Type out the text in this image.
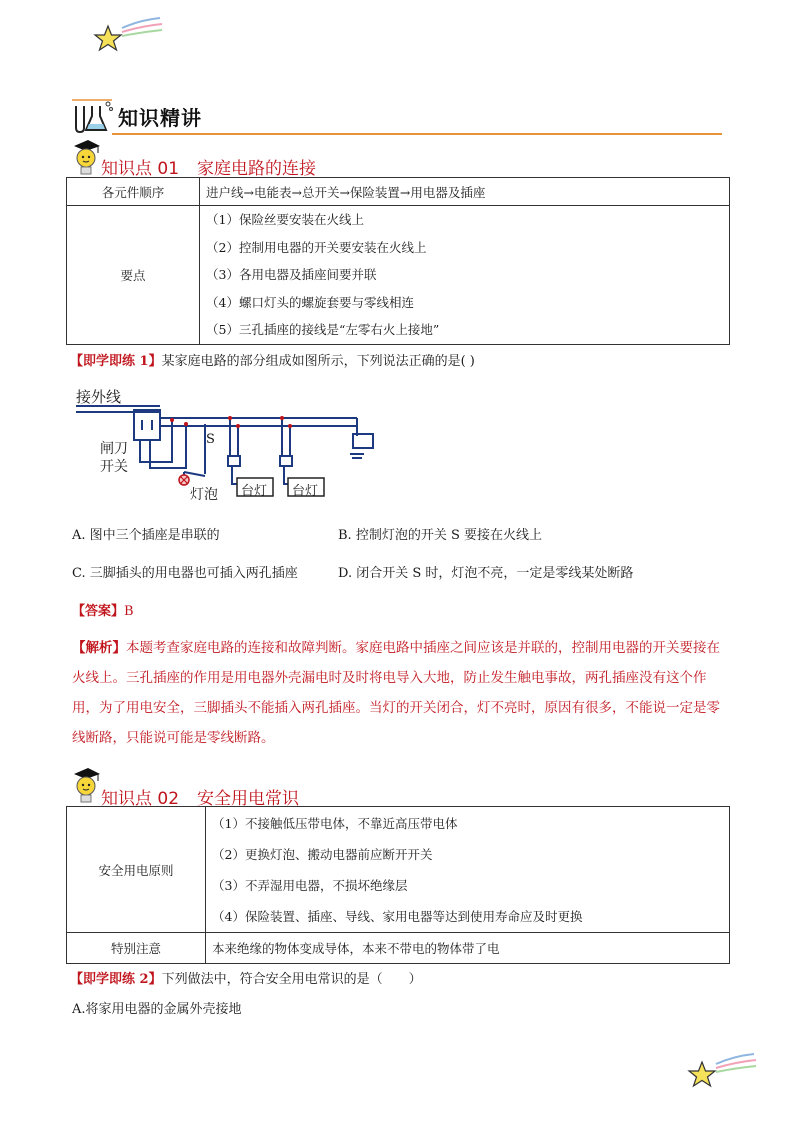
知识精讲
知识点 01 家庭电路的连接
各元件顺序	进户线→电能表→总开关→保险装置→用电器及插座
要点	（1）保险丝要安装在火线上
（2）控制用电器的开关要安装在火线上
（3）各用电器及插座间要并联
（4）螺口灯头的螺旋套要与零线相连
（5）三孔插座的接线是“左零右火上接地”
【即学即练 1】某家庭电路的部分组成如图所示，下列说法正确的是( )
接外线
闸刀
开关
S
灯泡 台灯 台灯
A. 图中三个插座是串联的	B. 控制灯泡的开关 S 要接在火线上
C. 三脚插头的用电器也可插入两孔插座	D. 闭合开关 S 时，灯泡不亮，一定是零线某处断路
【答案】B
【解析】本题考查家庭电路的连接和故障判断。家庭电路中插座之间应该是并联的，控制用电器的开关要接在火线上。三孔插座的作用是用电器外壳漏电时及时将电导入大地，防止发生触电事故，两孔插座没有这个作用，为了用电安全，三脚插头不能插入两孔插座。当灯的开关闭合，灯不亮时，原因有很多，不能说一定是零线断路，只能说可能是零线断路。
知识点 02 安全用电常识
安全用电原则	（1）不接触低压带电体，不靠近高压带电体
（2）更换灯泡、搬动电器前应断开开关
（3）不弄湿用电器，不损坏绝缘层
（4）保险装置、插座、导线、家用电器等达到使用寿命应及时更换

特别注意	本来绝缘的物体变成导体，本来不带电的物体带了电
【即学即练 2】下列做法中，符合安全用电常识的是（　　）
A.将家用电器的金属外壳接地
